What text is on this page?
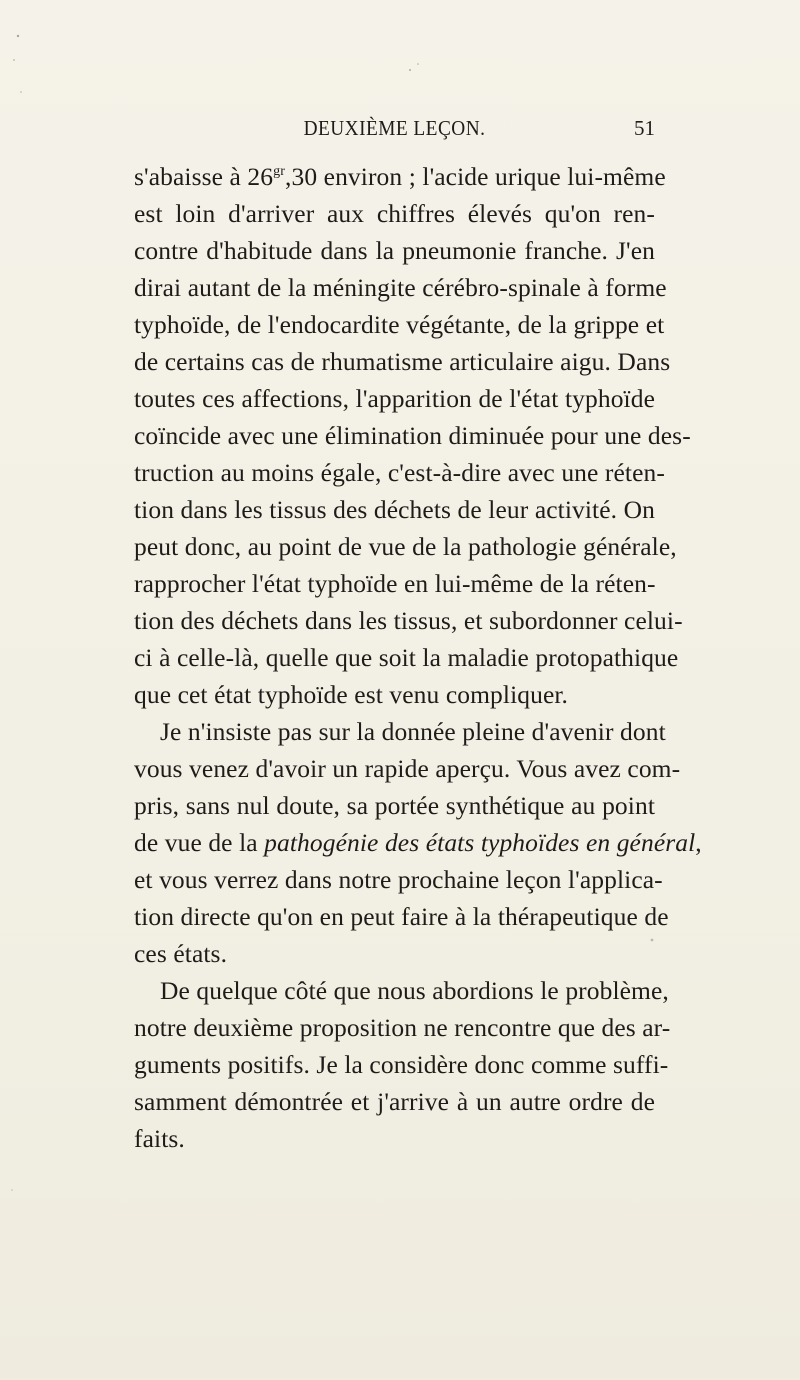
DEUXIÈME LEÇON.	51
s'abaisse à $26^{gr},30$ environ ; l'acide urique lui-même
est loin d'arriver aux chiffres élevés qu'on ren-
contre d'habitude dans la pneumonie franche. J'en
dirai autant de la méningite cérébro-spinale à forme
typhoïde, de l'endocardite végétante, de la grippe et
de certains cas de rhumatisme articulaire aigu. Dans
toutes ces affections, l'apparition de l'état typhoïde
coïncide avec une élimination diminuée pour une des-
truction au moins égale, c'est-à-dire avec une réten-
tion dans les tissus des déchets de leur activité. On
peut donc, au point de vue de la pathologie générale,
rapprocher l'état typhoïde en lui-même de la réten-
tion des déchets dans les tissus, et subordonner celui-
ci à celle-là, quelle que soit la maladie protopathique
que cet état typhoïde est venu compliquer.
Je n'insiste pas sur la donnée pleine d'avenir dont
vous venez d'avoir un rapide aperçu. Vous avez com-
pris, sans nul doute, sa portée synthétique au point
de vue de la pathogénie des états typhoïdes en général,
et vous verrez dans notre prochaine leçon l'applica-
tion directe qu'on en peut faire à la thérapeutique de
ces états.
De quelque côté que nous abordions le problème,
notre deuxième proposition ne rencontre que des ar-
guments positifs. Je la considère donc comme suffi-
samment démontrée et j'arrive à un autre ordre de
faits.
